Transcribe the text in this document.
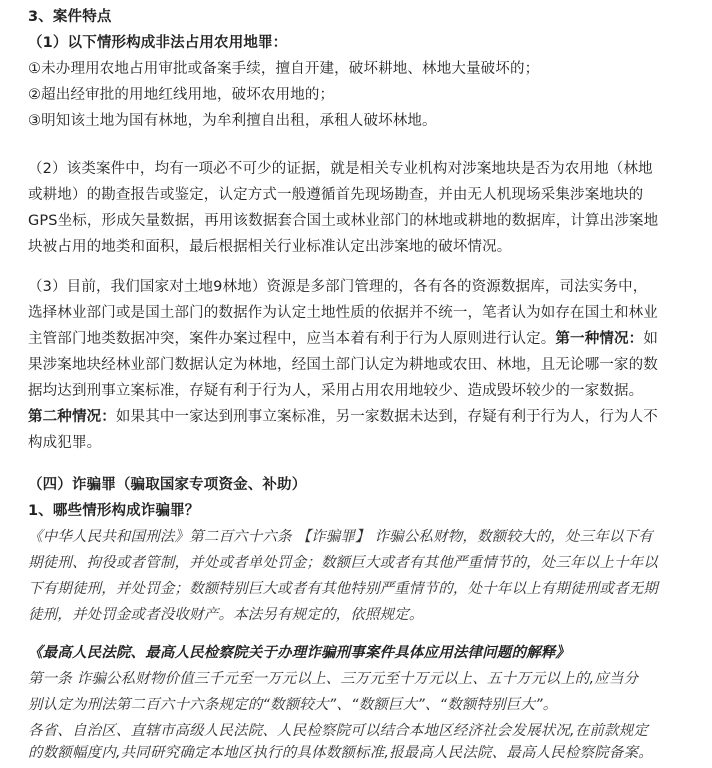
3、案件特点
（1）以下情形构成非法占用农用地罪：
①未办理用农地占用审批或备案手续，擅自开建，破坏耕地、林地大量破坏的；
②超出经审批的用地红线用地，破坏农用地的；
③明知该土地为国有林地，为牟利擅自出租，承租人破坏林地。
（2）该类案件中，均有一项必不可少的证据，就是相关专业机构对涉案地块是否为农用地（林地
或耕地）的勘查报告或鉴定，认定方式一般遵循首先现场勘查，并由无人机现场采集涉案地块的
GPS坐标，形成矢量数据，再用该数据套合国土或林业部门的林地或耕地的数据库，计算出涉案地
块被占用的地类和面积，最后根据相关行业标准认定出涉案地的破坏情况。
（3）目前，我们国家对土地9林地）资源是多部门管理的，各有各的资源数据库，司法实务中，
选择林业部门或是国土部门的数据作为认定土地性质的依据并不统一，笔者认为如存在国土和林业
主管部门地类数据冲突，案件办案过程中，应当本着有利于行为人原则进行认定。第一种情况：如
果涉案地块经林业部门数据认定为林地，经国土部门认定为耕地或农田、林地，且无论哪一家的数
据均达到刑事立案标准，存疑有利于行为人，采用占用农用地较少、造成毁坏较少的一家数据。
第二种情况：如果其中一家达到刑事立案标准，另一家数据未达到，存疑有利于行为人，行为人不
构成犯罪。
（四）诈骗罪（骗取国家专项资金、补助）
1、哪些情形构成诈骗罪？
《中华人民共和国刑法》第二百六十六条 【诈骗罪】 诈骗公私财物，数额较大的，处三年以下有
期徒刑、拘役或者管制，并处或者单处罚金；数额巨大或者有其他严重情节的，处三年以上十年以
下有期徒刑，并处罚金；数额特别巨大或者有其他特别严重情节的，处十年以上有期徒刑或者无期
徒刑，并处罚金或者没收财产。本法另有规定的，依照规定。
《最高人民法院、最高人民检察院关于办理诈骗刑事案件具体应用法律问题的解释》
第一条 诈骗公私财物价值三千元至一万元以上、三万元至十万元以上、五十万元以上的,应当分
别认定为刑法第二百六十六条规定的“数额较大”、“数额巨大”、“数额特别巨大”。
各省、自治区、直辖市高级人民法院、人民检察院可以结合本地区经济社会发展状况,在前款规定
的数额幅度内,共同研究确定本地区执行的具体数额标准,报最高人民法院、最高人民检察院备案。
